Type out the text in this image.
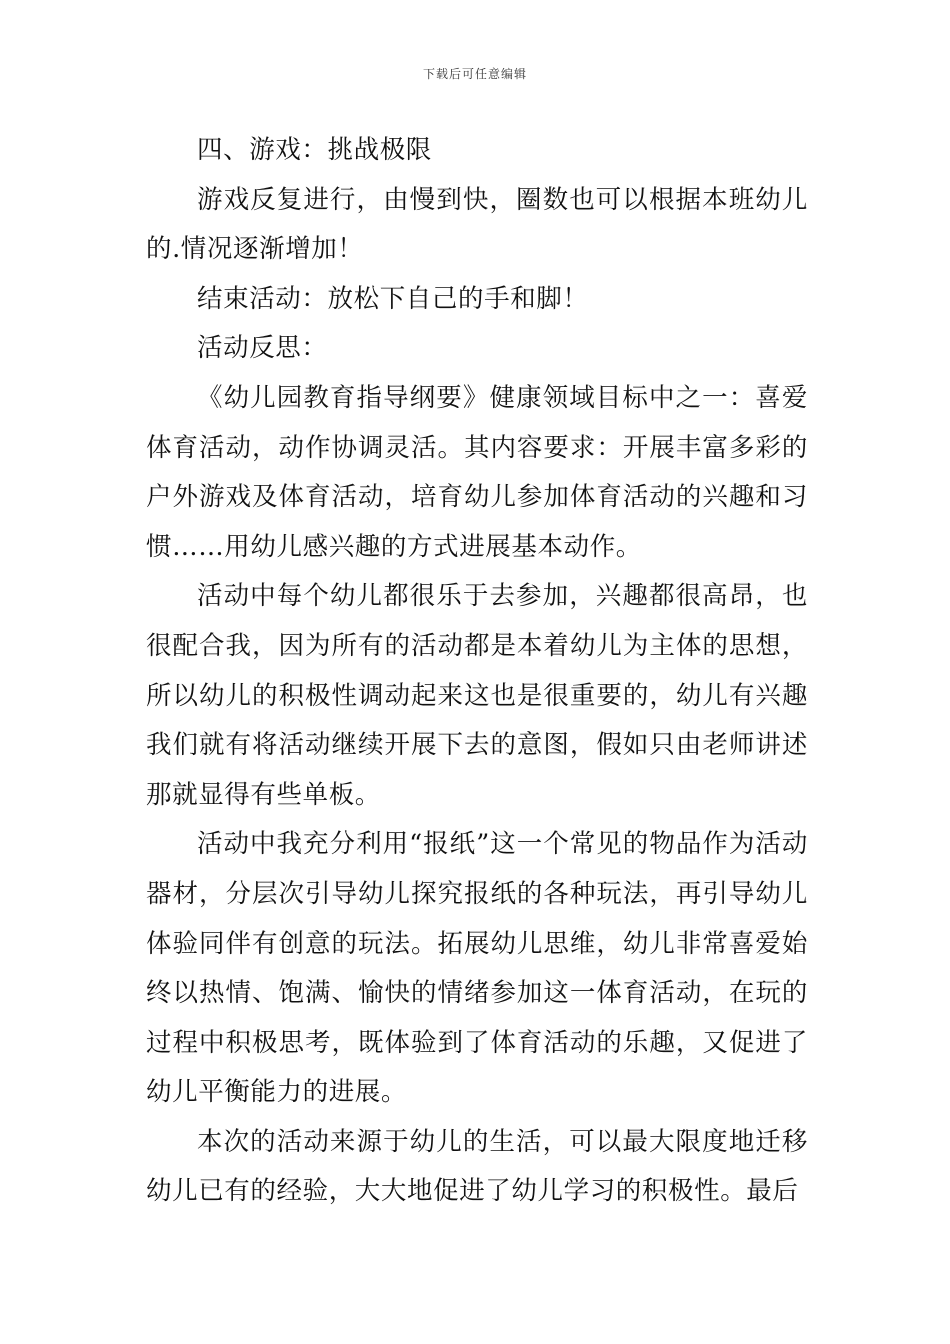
下载后可任意编辑

四、游戏：挑战极限

游戏反复进行，由慢到快，圈数也可以根据本班幼儿的.情况逐渐增加！

结束活动：放松下自己的手和脚！

活动反思：

《幼儿园教育指导纲要》健康领域目标中之一：喜爱体育活动，动作协调灵活。其内容要求：开展丰富多彩的户外游戏及体育活动，培育幼儿参加体育活动的兴趣和习惯……用幼儿感兴趣的方式进展基本动作。

活动中每个幼儿都很乐于去参加，兴趣都很高昂，也很配合我，因为所有的活动都是本着幼儿为主体的思想，所以幼儿的积极性调动起来这也是很重要的，幼儿有兴趣我们就有将活动继续开展下去的意图，假如只由老师讲述那就显得有些单板。

活动中我充分利用“报纸”这一个常见的物品作为活动器材，分层次引导幼儿探究报纸的各种玩法，再引导幼儿体验同伴有创意的玩法。拓展幼儿思维，幼儿非常喜爱始终以热情、饱满、愉快的情绪参加这一体育活动，在玩的过程中积极思考，既体验到了体育活动的乐趣，又促进了幼儿平衡能力的进展。

本次的活动来源于幼儿的生活，可以最大限度地迁移幼儿已有的经验，大大地促进了幼儿学习的积极性。最后
